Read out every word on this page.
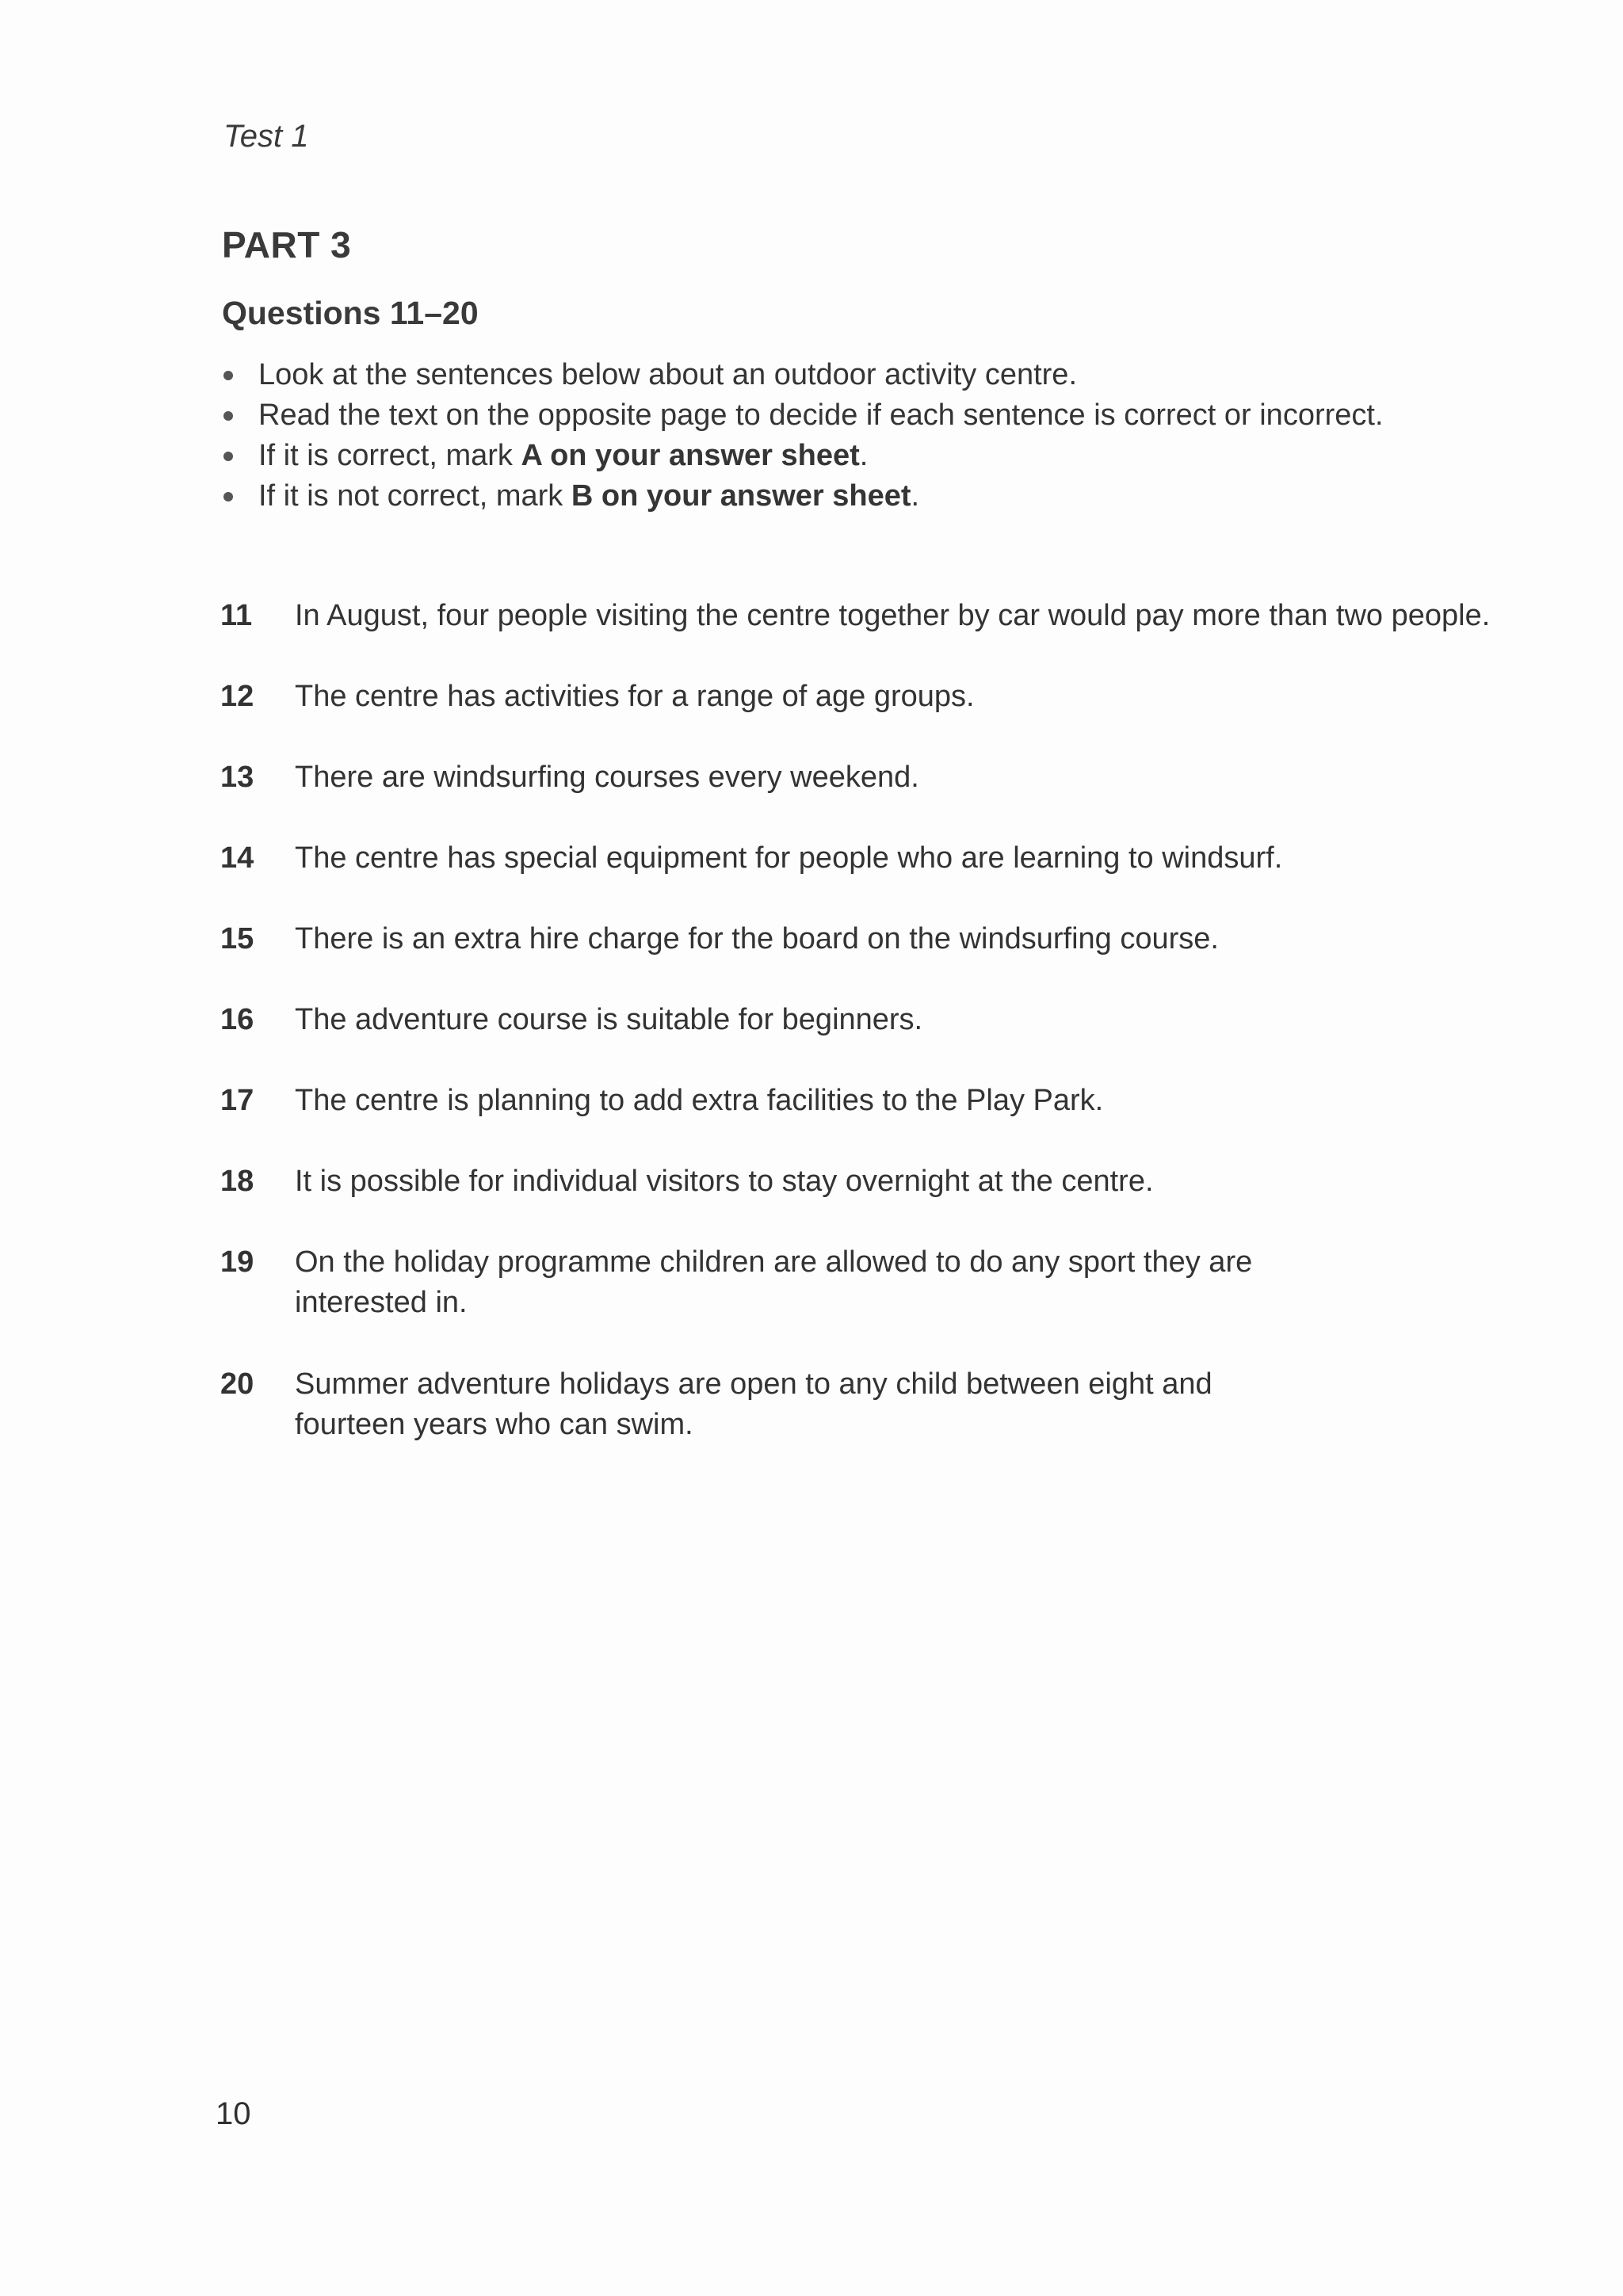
Test 1
PART 3
Questions 11–20
Look at the sentences below about an outdoor activity centre.
Read the text on the opposite page to decide if each sentence is correct or incorrect.
If it is correct, mark A on your answer sheet.
If it is not correct, mark B on your answer sheet.
11 In August, four people visiting the centre together by car would pay more than two people.
12 The centre has activities for a range of age groups.
13 There are windsurfing courses every weekend.
14 The centre has special equipment for people who are learning to windsurf.
15 There is an extra hire charge for the board on the windsurfing course.
16 The adventure course is suitable for beginners.
17 The centre is planning to add extra facilities to the Play Park.
18 It is possible for individual visitors to stay overnight at the centre.
19 On the holiday programme children are allowed to do any sport they are interested in.
20 Summer adventure holidays are open to any child between eight and fourteen years who can swim.
10
